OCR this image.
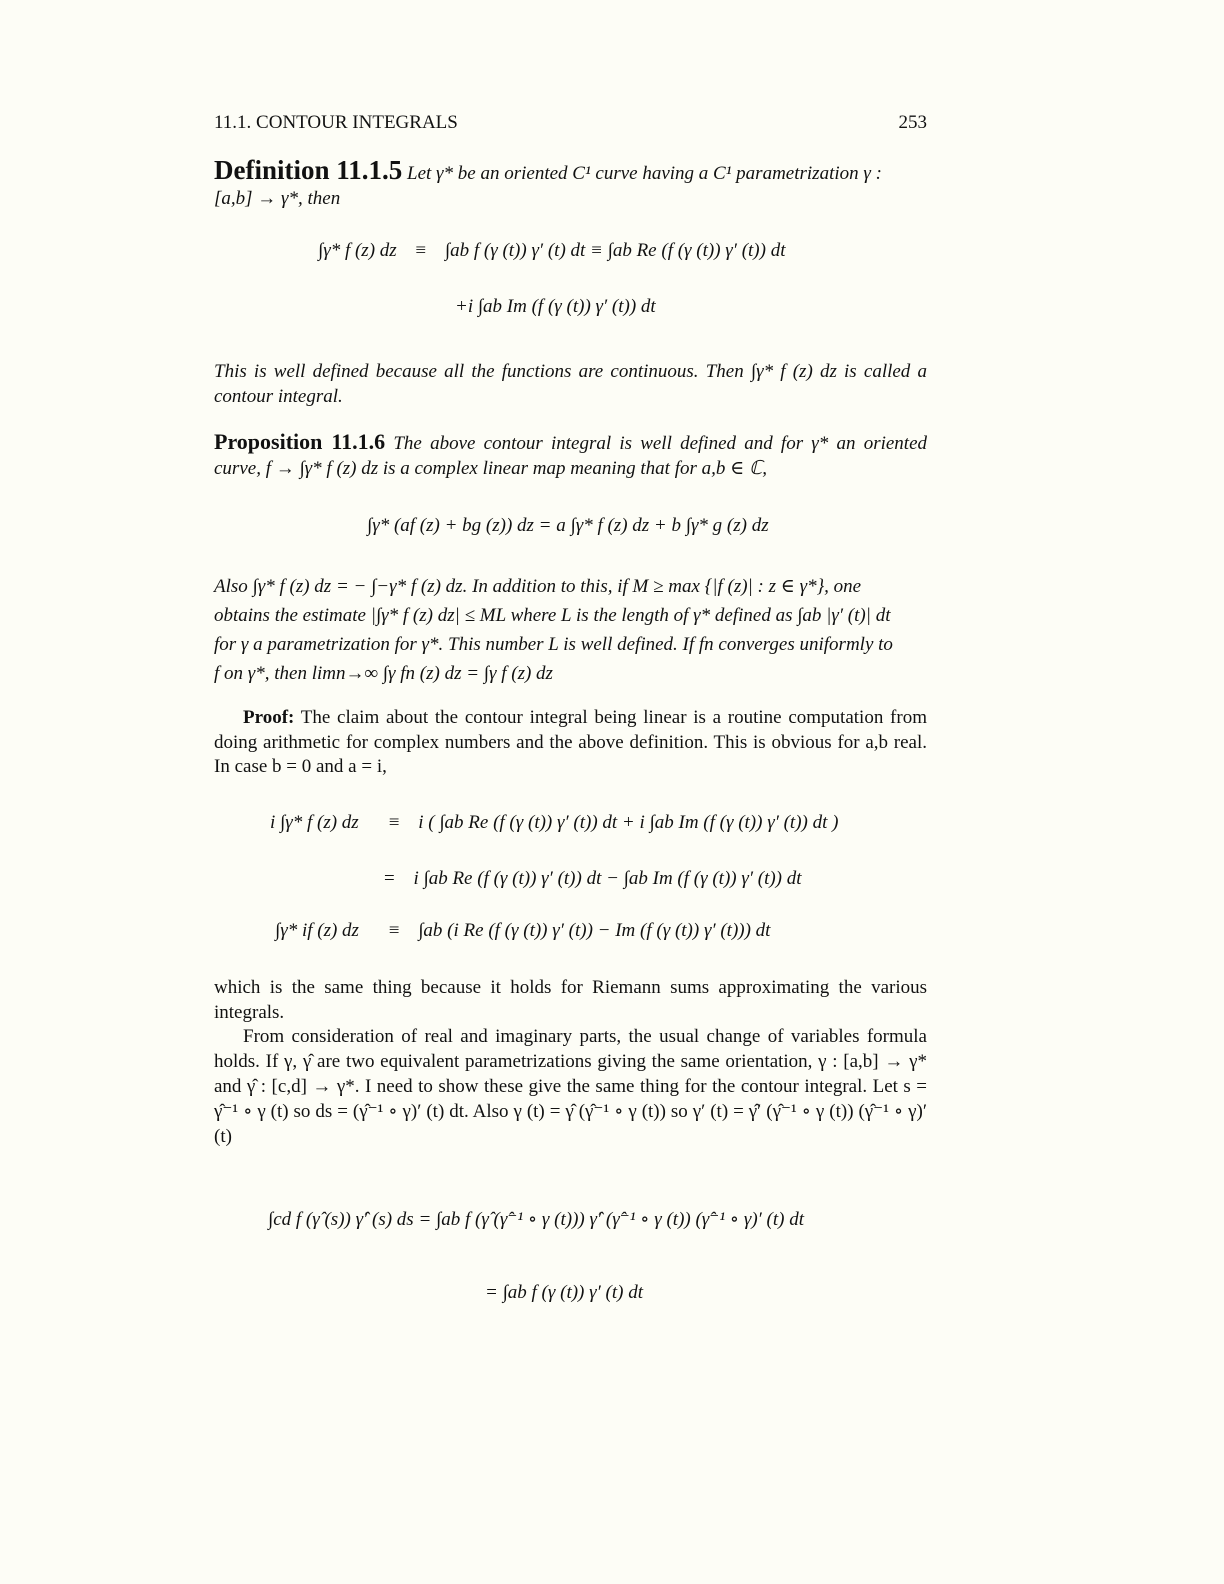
11.1. CONTOUR INTEGRALS	253
Definition 11.1.5 Let γ* be an oriented C¹ curve having a C¹ parametrization γ :
[a,b] → γ*, then
∫γ* f (z) dz ≡ ∫ab f (γ (t)) γ′ (t) dt ≡ ∫ab Re (f (γ (t)) γ′ (t)) dt
+i ∫ab Im (f (γ (t)) γ′ (t)) dt
This is well defined because all the functions are continuous. Then ∫γ* f (z) dz is called a contour integral.
Proposition 11.1.6 The above contour integral is well defined and for γ* an oriented curve, f → ∫γ* f (z) dz is a complex linear map meaning that for a,b ∈ ℂ,
∫γ* (af (z) + bg (z)) dz = a ∫γ* f (z) dz + b ∫γ* g (z) dz
Also ∫γ* f (z) dz = − ∫−γ* f (z) dz. In addition to this, if M ≥ max {|f (z)| : z ∈ γ*}, one
obtains the estimate |∫γ* f (z) dz| ≤ ML where L is the length of γ* defined as ∫ab |γ′ (t)| dt
for γ a parametrization for γ*. This number L is well defined. If fn converges uniformly to
f on γ*, then limn→∞ ∫γ fn (z) dz = ∫γ f (z) dz
Proof: The claim about the contour integral being linear is a routine computation from doing arithmetic for complex numbers and the above definition. This is obvious for a,b real. In case b = 0 and a = i,
i ∫γ* f (z) dz ≡ i ( ∫ab Re (f (γ (t)) γ′ (t)) dt + i ∫ab Im (f (γ (t)) γ′ (t)) dt )
= i ∫ab Re (f (γ (t)) γ′ (t)) dt − ∫ab Im (f (γ (t)) γ′ (t)) dt
∫γ* if (z) dz ≡ ∫ab (i Re (f (γ (t)) γ′ (t)) − Im (f (γ (t)) γ′ (t))) dt
which is the same thing because it holds for Riemann sums approximating the various integrals.
From consideration of real and imaginary parts, the usual change of variables formula holds. If γ, γ̂ are two equivalent parametrizations giving the same orientation, γ : [a,b] → γ* and γ̂ : [c,d] → γ*. I need to show these give the same thing for the contour integral. Let s = γ̂⁻¹ ∘ γ (t) so ds = (γ̂⁻¹ ∘ γ)′ (t) dt. Also γ (t) = γ̂ (γ̂⁻¹ ∘ γ (t)) so γ′ (t) = γ̂′ (γ̂⁻¹ ∘ γ (t)) (γ̂⁻¹ ∘ γ)′ (t)
∫cd f (γ̂ (s)) γ̂′ (s) ds = ∫ab f (γ̂ (γ̂⁻¹ ∘ γ (t))) γ̂′ (γ̂⁻¹ ∘ γ (t)) (γ̂⁻¹ ∘ γ)′ (t) dt
= ∫ab f (γ (t)) γ′ (t) dt
